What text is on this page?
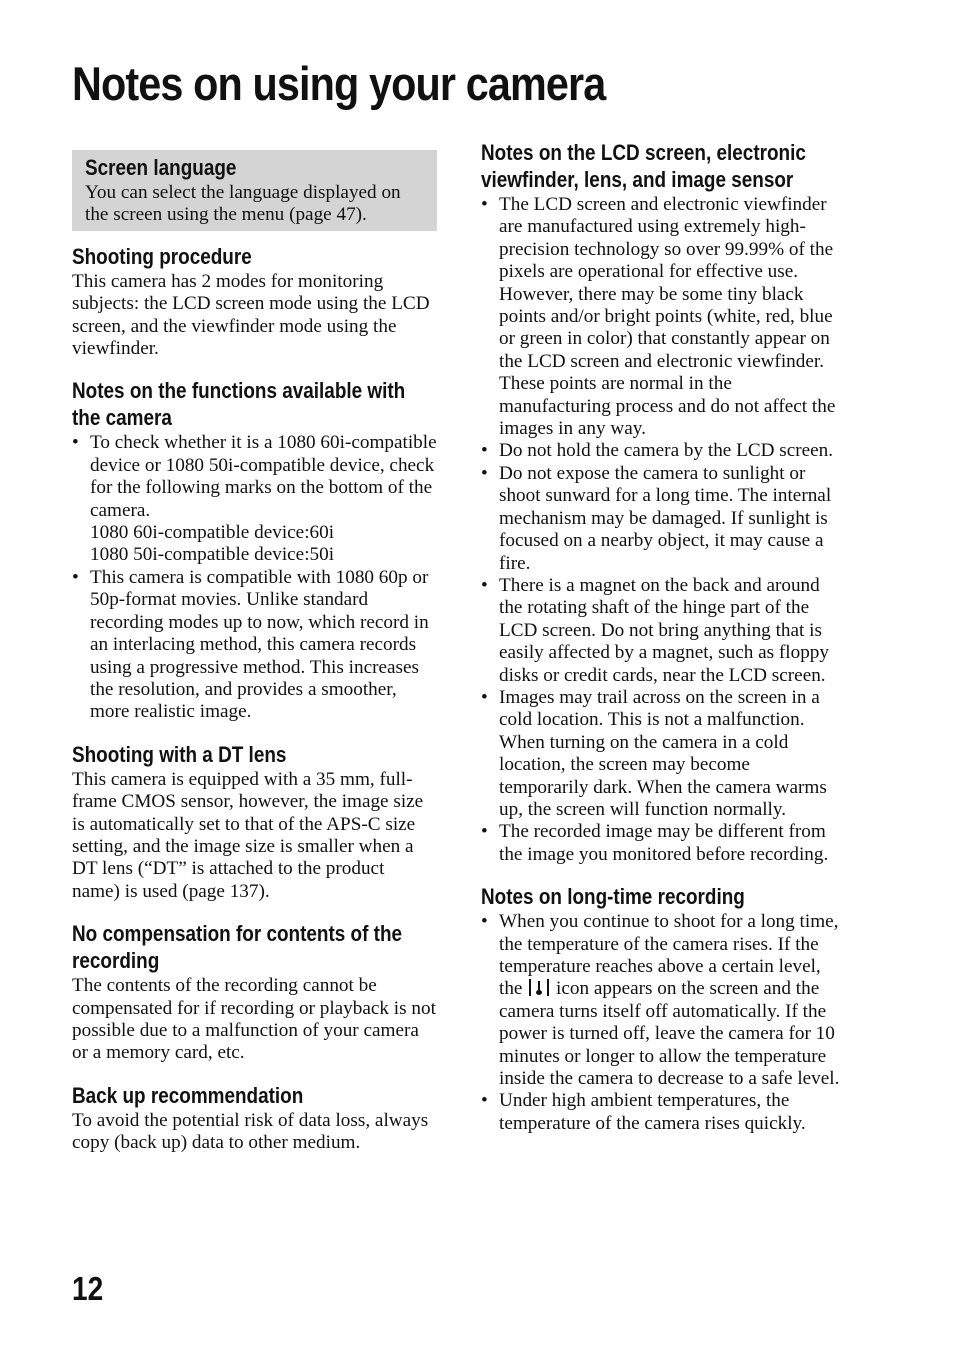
Notes on using your camera
Screen language

You can select the language displayed on the screen using the menu (page 47).

Shooting procedure

This camera has 2 modes for monitoring subjects: the LCD screen mode using the LCD screen, and the viewfinder mode using the viewfinder.

Notes on the functions available with the camera
• To check whether it is a 1080 60i-compatible device or 1080 50i-compatible device, check for the following marks on the bottom of the camera.
1080 60i-compatible device:60i
1080 50i-compatible device:50i
• This camera is compatible with 1080 60p or 50p-format movies. Unlike standard recording modes up to now, which record in an interlacing method, this camera records using a progressive method. This increases the resolution, and provides a smoother, more realistic image.
Shooting with a DT lens

This camera is equipped with a 35 mm, full-frame CMOS sensor, however, the image size is automatically set to that of the APS-C size setting, and the image size is smaller when a DT lens (“DT” is attached to the product name) is used (page 137).

No compensation for contents of the recording

The contents of the recording cannot be compensated for if recording or playback is not possible due to a malfunction of your camera or a memory card, etc.

Back up recommendation

To avoid the potential risk of data loss, always copy (back up) data to other medium.

Notes on the LCD screen, electronic viewfinder, lens, and image sensor
• The LCD screen and electronic viewfinder are manufactured using extremely high-precision technology so over 99.99% of the pixels are operational for effective use. However, there may be some tiny black points and/or bright points (white, red, blue or green in color) that constantly appear on the LCD screen and electronic viewfinder. These points are normal in the manufacturing process and do not affect the images in any way.
• Do not hold the camera by the LCD screen.
• Do not expose the camera to sunlight or shoot sunward for a long time. The internal mechanism may be damaged. If sunlight is focused on a nearby object, it may cause a fire.
• There is a magnet on the back and around the rotating shaft of the hinge part of the LCD screen. Do not bring anything that is easily affected by a magnet, such as floppy disks or credit cards, near the LCD screen.
• Images may trail across on the screen in a cold location. This is not a malfunction. When turning on the camera in a cold location, the screen may become temporarily dark. When the camera warms up, the screen will function normally.
• The recorded image may be different from the image you monitored before recording.
Notes on long-time recording
• When you continue to shoot for a long time, the temperature of the camera rises. If the temperature reaches above a certain level, the icon appears on the screen and the camera turns itself off automatically. If the power is turned off, leave the camera for 10 minutes or longer to allow the temperature inside the camera to decrease to a safe level.
• Under high ambient temperatures, the temperature of the camera rises quickly.
12
